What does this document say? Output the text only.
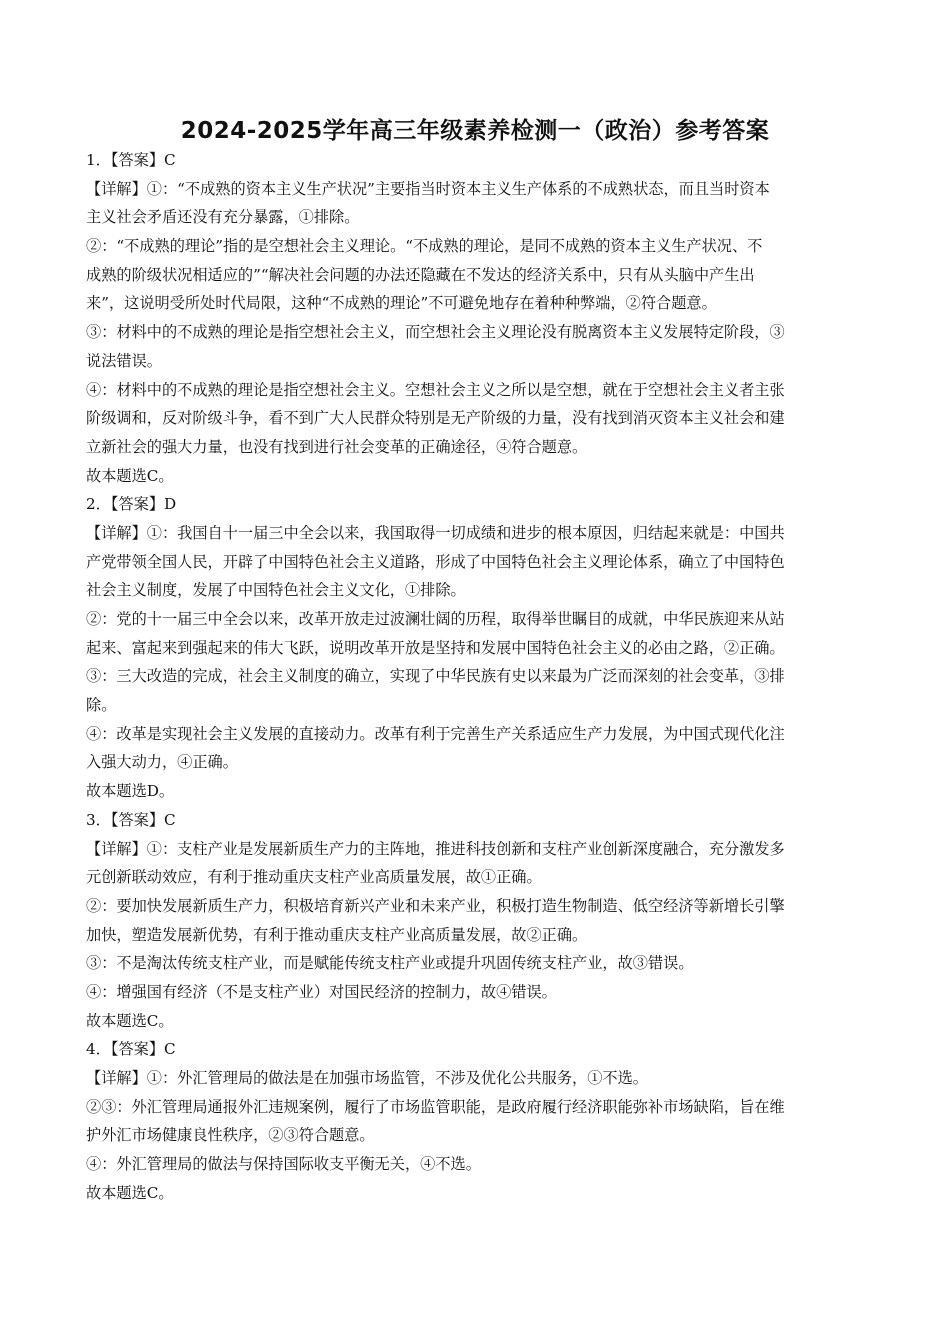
2024-2025学年高三年级素养检测一（政治）参考答案
1．【答案】C
【详解】①：“不成熟的资本主义生产状况”主要指当时资本主义生产体系的不成熟状态，而且当时资本
主义社会矛盾还没有充分暴露，①排除。
②：“不成熟的理论”指的是空想社会主义理论。“不成熟的理论，是同不成熟的资本主义生产状况、不
成熟的阶级状况相适应的”“解决社会问题的办法还隐藏在不发达的经济关系中，只有从头脑中产生出
来”，这说明受所处时代局限，这种“不成熟的理论”不可避免地存在着种种弊端，②符合题意。
③：材料中的不成熟的理论是指空想社会主义，而空想社会主义理论没有脱离资本主义发展特定阶段，③
说法错误。
④：材料中的不成熟的理论是指空想社会主义。空想社会主义之所以是空想，就在于空想社会主义者主张
阶级调和，反对阶级斗争，看不到广大人民群众特别是无产阶级的力量，没有找到消灭资本主义社会和建
立新社会的强大力量，也没有找到进行社会变革的正确途径，④符合题意。
故本题选C。
2．【答案】D
【详解】①：我国自十一届三中全会以来，我国取得一切成绩和进步的根本原因，归结起来就是：中国共
产党带领全国人民，开辟了中国特色社会主义道路，形成了中国特色社会主义理论体系，确立了中国特色
社会主义制度，发展了中国特色社会主义文化，①排除。
②：党的十一届三中全会以来，改革开放走过波澜壮阔的历程，取得举世瞩目的成就，中华民族迎来从站
起来、富起来到强起来的伟大飞跃，说明改革开放是坚持和发展中国特色社会主义的必由之路，②正确。
③：三大改造的完成，社会主义制度的确立，实现了中华民族有史以来最为广泛而深刻的社会变革，③排
除。
④：改革是实现社会主义发展的直接动力。改革有利于完善生产关系适应生产力发展，为中国式现代化注
入强大动力，④正确。
故本题选D。
3．【答案】C
【详解】①：支柱产业是发展新质生产力的主阵地，推进科技创新和支柱产业创新深度融合，充分激发多
元创新联动效应，有利于推动重庆支柱产业高质量发展，故①正确。
②：要加快发展新质生产力，积极培育新兴产业和未来产业，积极打造生物制造、低空经济等新增长引擎
加快，塑造发展新优势，有利于推动重庆支柱产业高质量发展，故②正确。
③：不是淘汰传统支柱产业，而是赋能传统支柱产业或提升巩固传统支柱产业，故③错误。
④：增强国有经济（不是支柱产业）对国民经济的控制力，故④错误。
故本题选C。
4．【答案】C
【详解】①：外汇管理局的做法是在加强市场监管，不涉及优化公共服务，①不选。
②③：外汇管理局通报外汇违规案例，履行了市场监管职能，是政府履行经济职能弥补市场缺陷，旨在维
护外汇市场健康良性秩序，②③符合题意。
④：外汇管理局的做法与保持国际收支平衡无关，④不选。
故本题选C。
